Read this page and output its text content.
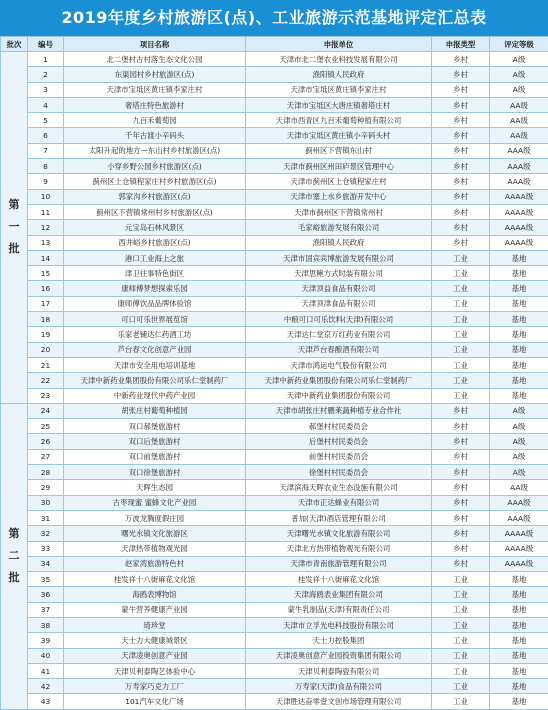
2019年度乡村旅游区(点)、工业旅游示范基地评定汇总表
批次	编号	项目名称	申报单位	申报类型	评定等级

第
一
批	1	北二堡村古村落生态文化公园	天津市北二堡农业科技发展有限公司	乡村	A级
	2	东渠园村乡村旅游区(点)	渔阳镇人民政府	乡村	A级
	3	天津市宝坻区黄庄镇李家庄村	天津市宝坻区黄庄镇李家庄村	乡村	A级
	4	奢塔庄特色旅游村	天津市宝坻区大唐庄镇奢塔庄村	乡村	AA级
	5	九百禾葡萄园	天津市西青区九百禾葡萄种植有限公司	乡村	AA级
	6	千年古渡小辛码头	天津市宝坻区黄庄镇小辛码头村	乡村	AA级
	7	太阳升起的地方—东山村乡村旅游区(点)	蓟州区下营镇东山村	乡村	AAA级
	8	小穿乡野公园乡村旅游区(点)	天津市蓟州区州田庐景区管理中心	乡村	AAA级
	9	蓟州区上仓镇程家庄村乡村旅游区(点)	天津市蓟州区上仓镇程家庄村	乡村	AAA级
	10	郭家沟乡村旅游区(点)	天津市塞上水乡旅游开发中心	乡村	AAAA级
	11	蓟州区下营镇常州村乡村旅游区(点)	天津市蓟州区下营镇常州村	乡村	AAAA级
	12	元宝岛石林风景区	毛家峪旅游发展有限公司	乡村	AAAA级
	13	西井峪乡村旅游区(点)	渔阳镇人民政府	乡村	AAAA级
	14	港口工业海上之旅	天津市国宾宾博旅游发展有限公司	工业	基地
	15	津卫往事特色街区	天津思鲍方式时装有限公司	工业	基地
	16	康师傅梦想探索乐园	天津顶益食品有限公司	工业	基地
	17	康师傅饮品品牌体验馆	天津顶津食品有限公司	工业	基地
	18	可口可乐世界展览馆	中粮可口可乐饮料(天津)有限公司	工业	基地
	19	乐家老铺达仁药酒工坊	天津达仁堂京万红药业有限公司	工业	基地
	20	芦台春文化创意产业园	天津芦台春酿酒有限公司	工业	基地
	21	天津市安全用电培训基地	天津市鸿运电气股份有限公司	工业	基地
	22	天津中新药业集团股份有限公司乐仁堂制药厂	天津中新药业集团股份有限公司乐仁堂制药厂	工业	基地
	23	中新药业现代中药产业园	天津中新药业集团股份有限公司	工业	基地

第
二
批	24	胡张庄村葡萄种植园	天津市胡张庄村鹏莱蔬种植专业合作社	乡村	A级
	25	双口郝堡旅游村	郝堡村村民委员会	乡村	A级
	26	双口后堡旅游村	后堡村村民委员会	乡村	A级
	27	双口前堡旅游村	前堡村村民委员会	乡村	A级
	28	双口徐堡旅游村	徐堡村村民委员会	乡村	A级
	29	天晖生态园	天津滨海天晖农业生态设施有限公司	乡村	AA级
	30	古枣现蜜 蜜蜂文化产业园	天津市正达蜂业有限公司	乡村	AAA级
	31	万波龙腾度假庄园	普加(天津)酒店管理有限公司	乡村	AAA级
	32	曙光水镇文化旅游区	天津曙光水镇文化旅游有限公司	乡村	AAAA级
	33	天津热带植物观光园	天津北方热带植物观光有限公司	乡村	AAAA级
	34	赵家湾旅游特色村	天津市青南旅游管理有限公司	乡村	AAAA级
	35	桂发祥十八街麻花文化馆	桂发祥十八街麻花文化馆	工业	基地
	36	海鸥表博物馆	天津海鸥表业集团有限公司	工业	基地
	37	蒙牛营养健康产业园	蒙牛乳制品(天津)有限责任公司	工业	基地
	38	琦珍堂	天津市立孚光电科技股份有限公司	工业	基地
	39	天士力大健康城景区	天士力控股集团	工业	基地
	40	天津凌奥创意产业园	天津凌奥创意产业园投资集团有限公司	工业	基地
	41	天津贝利泰陶艺体验中心	天津贝利泰陶瓷有限公司	工业	基地
	42	万寿家巧克力工厂	万寿家(天津)食品有限公司	工业	基地
	43	101汽车文化广场	天津胜达奋零壹文创市场管理有限公司	工业	基地
